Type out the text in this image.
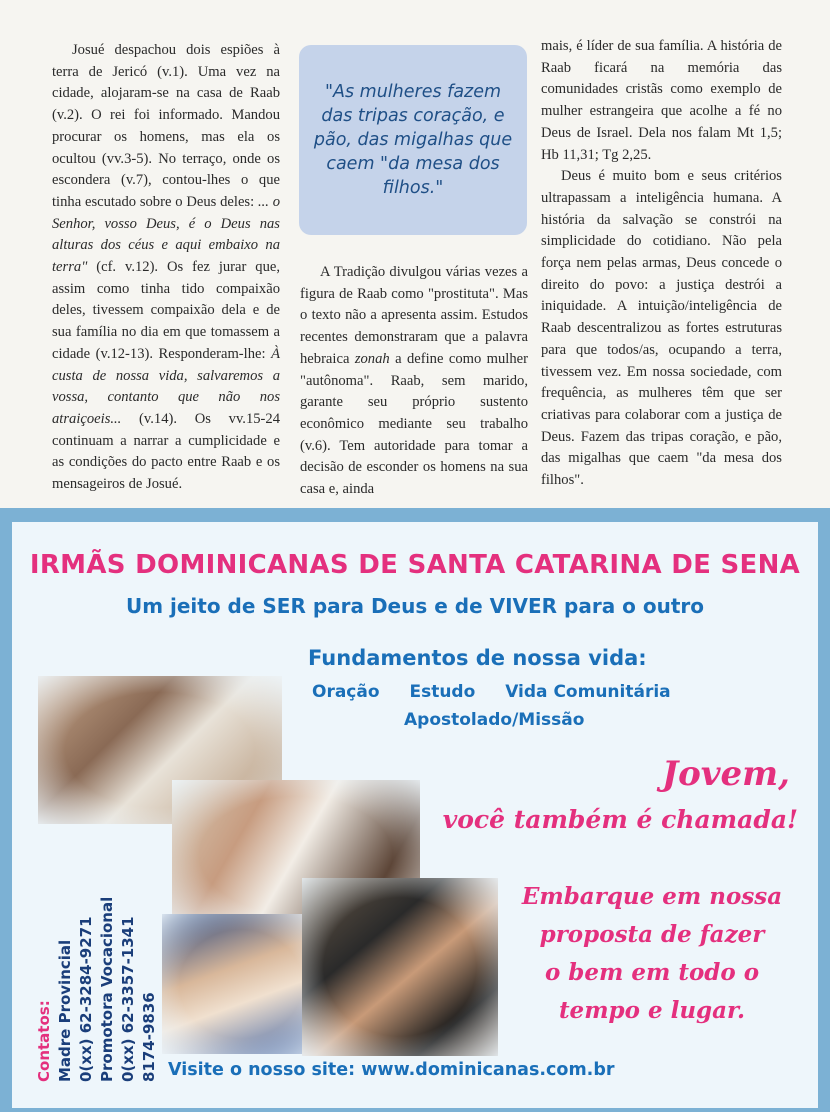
Josué despachou dois espiões à terra de Jericó (v.1). Uma vez na cidade, alojaram-se na casa de Raab (v.2). O rei foi informado. Mandou procurar os homens, mas ela os ocultou (vv.3-5). No terraço, onde os escondera (v.7), contou-lhes o que tinha escutado sobre o Deus deles: ... o Senhor, vosso Deus, é o Deus nas alturas dos céus e aqui embaixo na terra" (cf. v.12). Os fez jurar que, assim como tinha tido compaixão deles, tivessem compaixão dela e de sua família no dia em que tomassem a cidade (v.12-13). Responderam-lhe: À custa de nossa vida, salvaremos a vossa, contanto que não nos atraiçoeis... (v.14). Os vv.15-24 continuam a narrar a cumplicidade e as condições do pacto entre Raab e os mensageiros de Josué.

"As mulheres fazem das tripas coração, e pão, das migalhas que caem "da mesa dos filhos."

A Tradição divulgou várias vezes a figura de Raab como "prostituta". Mas o texto não a apresenta assim. Estudos recentes demonstraram que a palavra hebraica zonah a define como mulher "autônoma". Raab, sem marido, garante seu próprio sustento econômico mediante seu trabalho (v.6). Tem autoridade para tomar a decisão de esconder os homens na sua casa e, ainda

mais, é líder de sua família. A história de Raab ficará na memória das comunidades cristãs como exemplo de mulher estrangeira que acolhe a fé no Deus de Israel. Dela nos falam Mt 1,5; Hb 11,31; Tg 2,25.

Deus é muito bom e seus critérios ultrapassam a inteligência humana. A história da salvação se constrói na simplicidade do cotidiano. Não pela força nem pelas armas, Deus concede o direito do povo: a justiça destrói a iniquidade. A intuição/inteligência de Raab descentralizou as fortes estruturas para que todos/as, ocupando a terra, tivessem vez. Em nossa sociedade, com frequência, as mulheres têm que ser criativas para colaborar com a justiça de Deus. Fazem das tripas coração, e pão, das migalhas que caem "da mesa dos filhos".

IRMÃS DOMINICANAS DE SANTA CATARINA DE SENA
Um jeito de SER para Deus e de VIVER para o outro
Fundamentos de nossa vida:
Oração Estudo Vida Comunitária
Apostolado/Missão
Jovem,
você também é chamada!
Embarque em nossa
proposta de fazer
o bem em todo o
tempo e lugar.
Contatos: Madre Provincial 0(xx) 62-3284-9271 Promotora Vocacional 0(xx) 62-3357-1341 8174-9836 Visite o nosso site: www.dominicanas.com.br
